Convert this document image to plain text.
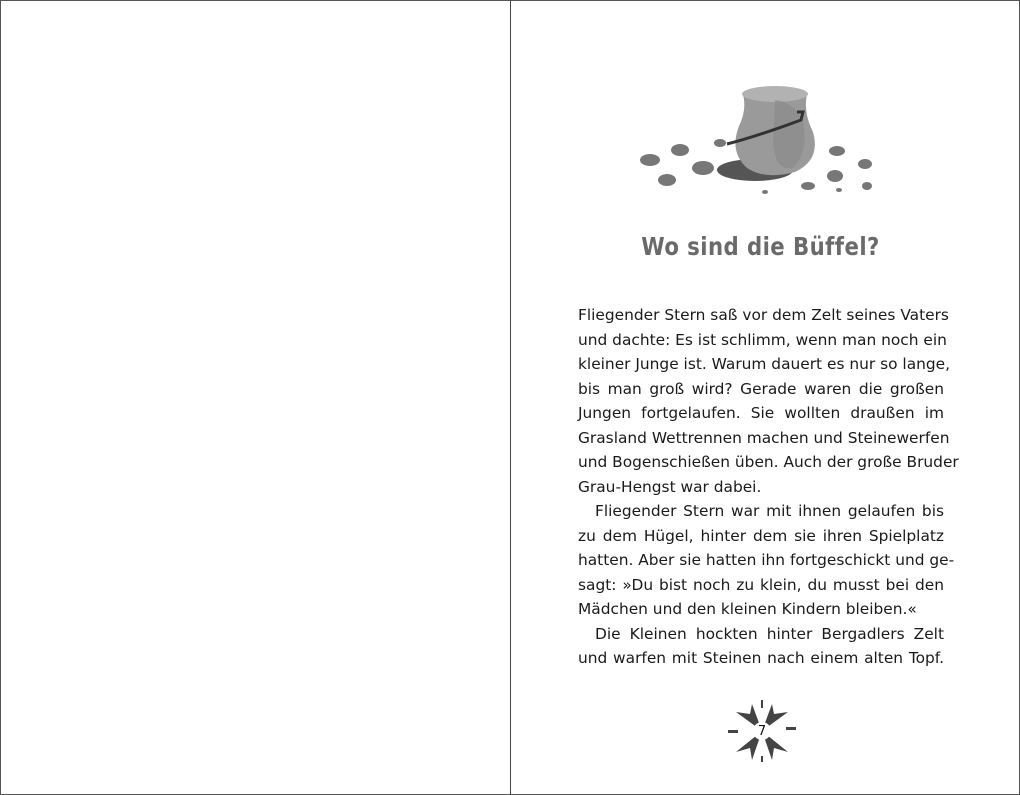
Wo sind die Büffel?
Fliegender Stern saß vor dem Zelt seines Vaters
und dachte: Es ist schlimm, wenn man noch ein
kleiner Junge ist. Warum dauert es nur so lange,
bis man groß wird? Gerade waren die großen
Jungen fortgelaufen. Sie wollten draußen im
Grasland Wettrennen machen und Steinewerfen
und Bogenschießen üben. Auch der große Bruder
Grau-Hengst war dabei.
Fliegender Stern war mit ihnen gelaufen bis
zu dem Hügel, hinter dem sie ihren Spielplatz
hatten. Aber sie hatten ihn fortgeschickt und ge-
sagt: »Du bist noch zu klein, du musst bei den
Mädchen und den kleinen Kindern bleiben.«
Die Kleinen hockten hinter Bergadlers Zelt
und warfen mit Steinen nach einem alten Topf.
7
